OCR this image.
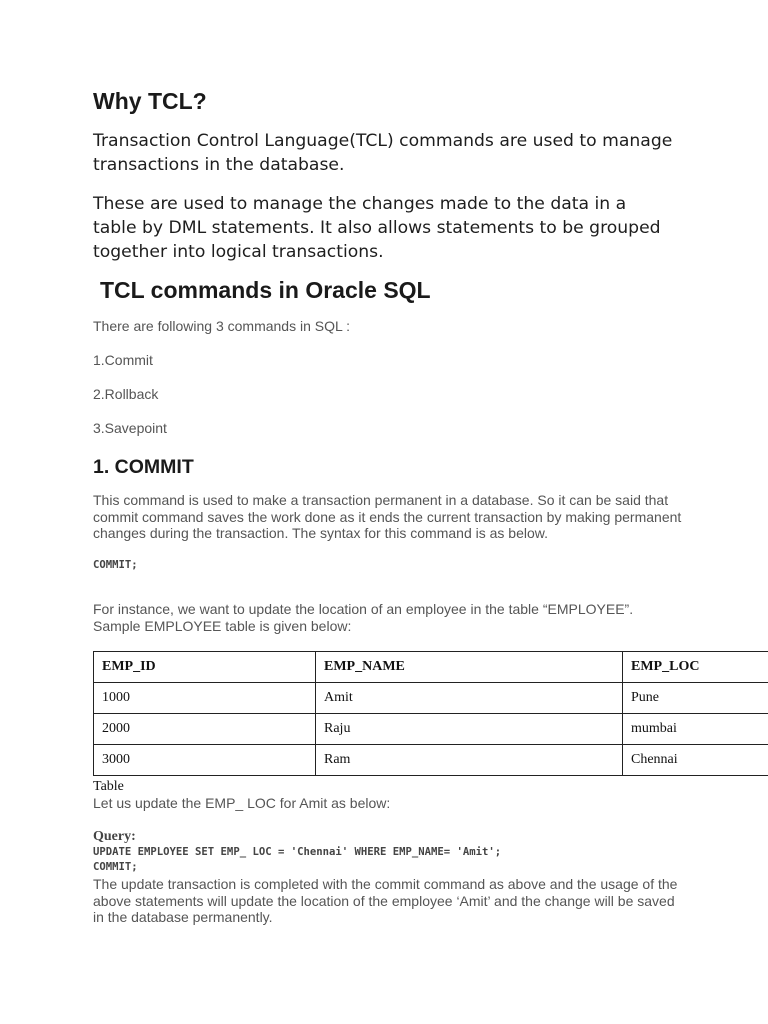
Why TCL?

Transaction Control Language(TCL) commands are used to manage transactions in the database.

These are used to manage the changes made to the data in a table by DML statements. It also allows statements to be grouped together into logical transactions.

TCL commands in Oracle SQL

There are following 3 commands in SQL :

1.Commit

2.Rollback

3.Savepoint

1. COMMIT

This command is used to make a transaction permanent in a database. So it can be said that commit command saves the work done as it ends the current transaction by making permanent changes during the transaction. The syntax for this command is as below.

COMMIT;

For instance, we want to update the location of an employee in the table “EMPLOYEE”. Sample EMPLOYEE table is given below:

EMP_ID	EMP_NAME	EMP_LOC
1000	Amit	Pune
2000	Raju	mumbai
3000	Ram	Chennai

Table

Let us update the EMP_ LOC for Amit as below:

Query:

UPDATE EMPLOYEE SET EMP_ LOC = 'Chennai' WHERE EMP_NAME= 'Amit';

COMMIT;

The update transaction is completed with the commit command as above and the usage of the above statements will update the location of the employee ‘Amit’ and the change will be saved in the database permanently.
